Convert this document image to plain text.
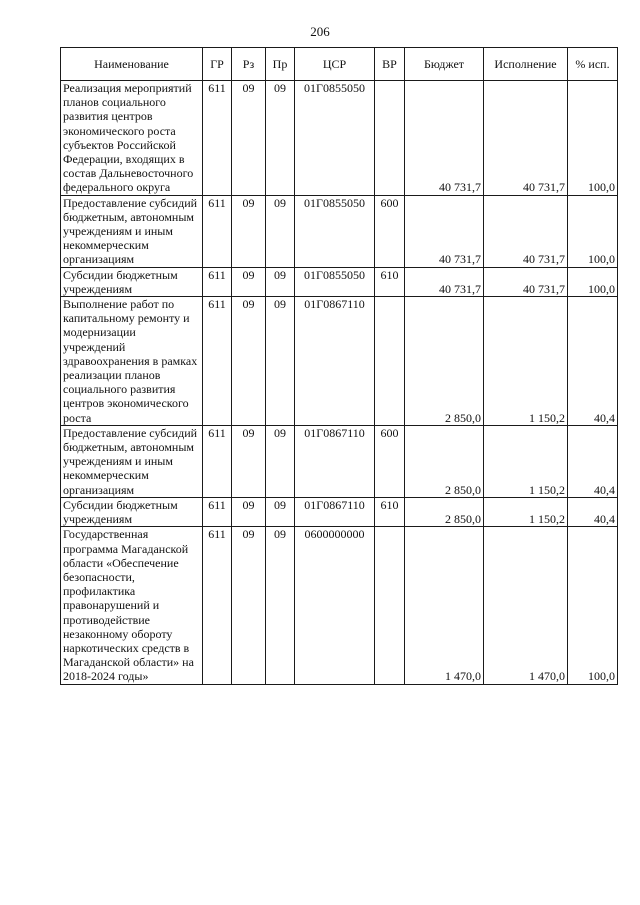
206
Наименование	ГР	Рз	Пр	ЦСР	ВР	Бюджет	Исполнение	% исп.
Реализация мероприятий планов социального развития центров экономического роста субъектов Российской Федерации, входящих в состав Дальневосточного федерального округа	611	09	09	01Г0855050		40 731,7	40 731,7	100,0
Предоставление субсидий бюджетным, автономным учреждениям и иным некоммерческим организациям	611	09	09	01Г0855050	600	40 731,7	40 731,7	100,0
Субсидии бюджетным учреждениям	611	09	09	01Г0855050	610	40 731,7	40 731,7	100,0
Выполнение работ по капитальному ремонту и модернизации учреждений здравоохранения в рамках реализации планов социального развития центров экономического роста	611	09	09	01Г0867110		2 850,0	1 150,2	40,4
Предоставление субсидий бюджетным, автономным учреждениям и иным некоммерческим организациям	611	09	09	01Г0867110	600	2 850,0	1 150,2	40,4
Субсидии бюджетным учреждениям	611	09	09	01Г0867110	610	2 850,0	1 150,2	40,4
Государственная программа Магаданской области «Обеспечение безопасности, профилактика правонарушений и противодействие незаконному обороту наркотических средств в Магаданской области» на 2018-2024 годы»	611	09	09	0600000000		1 470,0	1 470,0	100,0
